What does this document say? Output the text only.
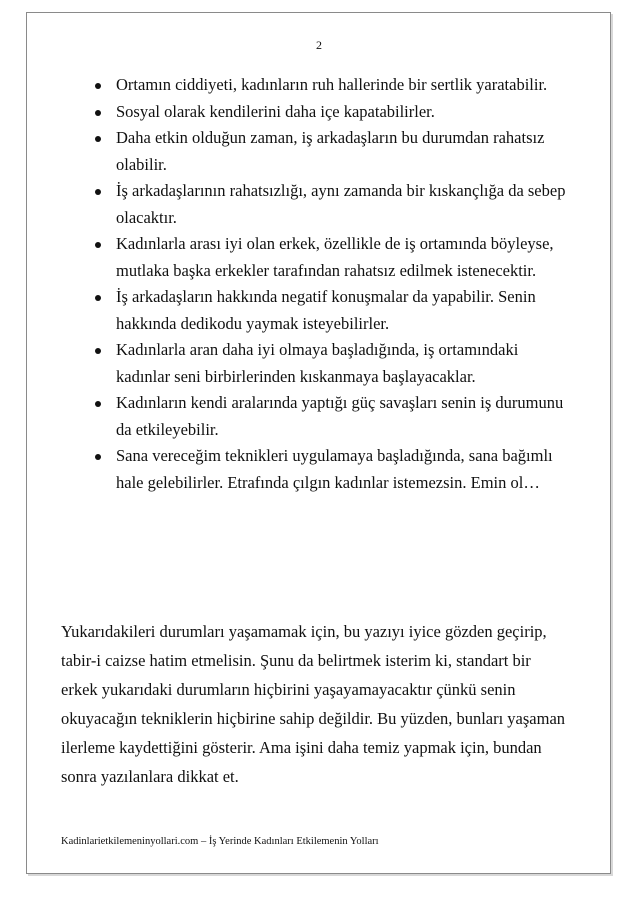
2
Ortamın ciddiyeti, kadınların ruh hallerinde bir sertlik yaratabilir.
Sosyal olarak kendilerini daha içe kapatabilirler.
Daha etkin olduğun zaman, iş arkadaşların bu durumdan rahatsız olabilir.
İş arkadaşlarının rahatsızlığı, aynı zamanda bir kıskançlığa da sebep olacaktır.
Kadınlarla arası iyi olan erkek, özellikle de iş ortamında böyleyse, mutlaka başka erkekler tarafından rahatsız edilmek istenecektir.
İş arkadaşların hakkında negatif konuşmalar da yapabilir. Senin hakkında dedikodu yaymak isteyebilirler.
Kadınlarla aran daha iyi olmaya başladığında, iş ortamındaki kadınlar seni birbirlerinden kıskanmaya başlayacaklar.
Kadınların kendi aralarında yaptığı güç savaşları senin iş durumunu da etkileyebilir.
Sana vereceğim teknikleri uygulamaya başladığında, sana bağımlı hale gelebilirler. Etrafında çılgın kadınlar istemezsin. Emin ol…

Yukarıdakileri durumları yaşamamak için, bu yazıyı iyice gözden geçirip, tabir-i caizse hatim etmelisin. Şunu da belirtmek isterim ki, standart bir erkek yukarıdaki durumların hiçbirini yaşayamayacaktır çünkü senin okuyacağın tekniklerin hiçbirine sahip değildir. Bu yüzden, bunları yaşaman ilerleme kaydettiğini gösterir. Ama işini daha temiz yapmak için, bundan sonra yazılanlara dikkat et.

Kadinlarietkilemeninyollari.com – İş Yerinde Kadınları Etkilemenin Yolları
